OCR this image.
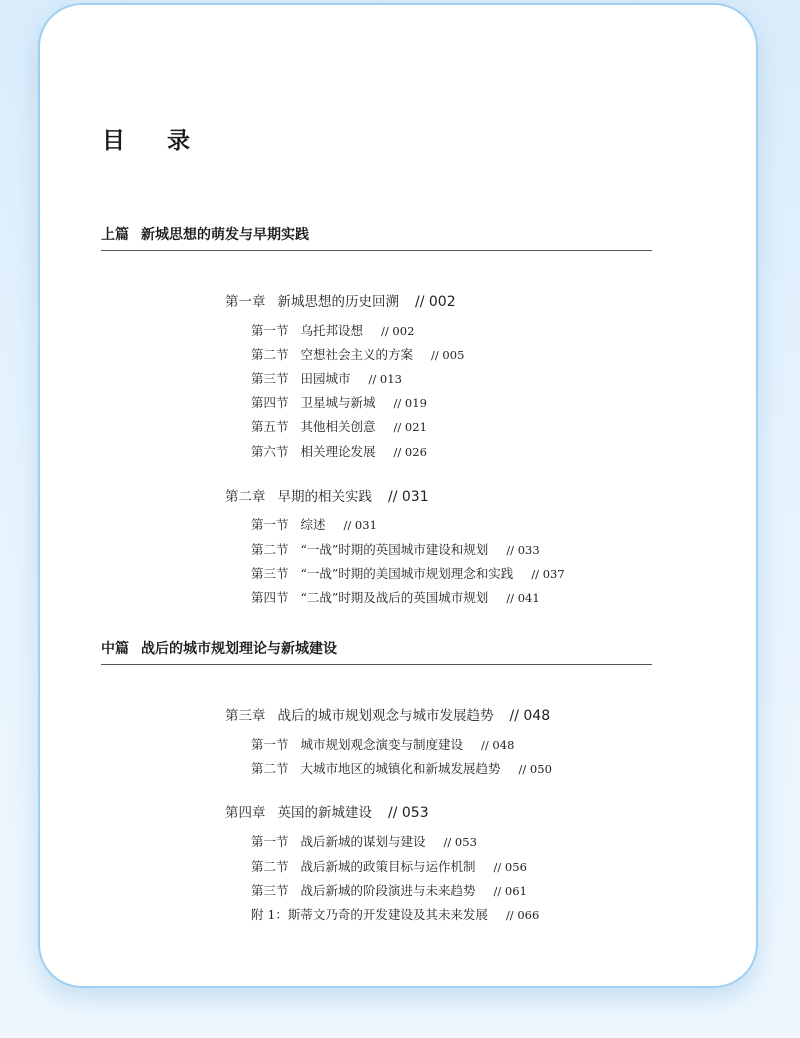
目 录
上篇 新城思想的萌发与早期实践
第一章 新城思想的历史回溯 // 002
第一节 乌托邦设想 // 002
第二节 空想社会主义的方案 // 005
第三节 田园城市 // 013
第四节 卫星城与新城 // 019
第五节 其他相关创意 // 021
第六节 相关理论发展 // 026
第二章 早期的相关实践 // 031
第一节 综述 // 031
第二节 “一战”时期的英国城市建设和规划 // 033
第三节 “一战”时期的美国城市规划理念和实践 // 037
第四节 “二战”时期及战后的英国城市规划 // 041
中篇 战后的城市规划理论与新城建设
第三章 战后的城市规划观念与城市发展趋势 // 048
第一节 城市规划观念演变与制度建设 // 048
第二节 大城市地区的城镇化和新城发展趋势 // 050
第四章 英国的新城建设 // 053
第一节 战后新城的谋划与建设 // 053
第二节 战后新城的政策目标与运作机制 // 056
第三节 战后新城的阶段演进与未来趋势 // 061
附 1：斯蒂文乃奇的开发建设及其未来发展 // 066
